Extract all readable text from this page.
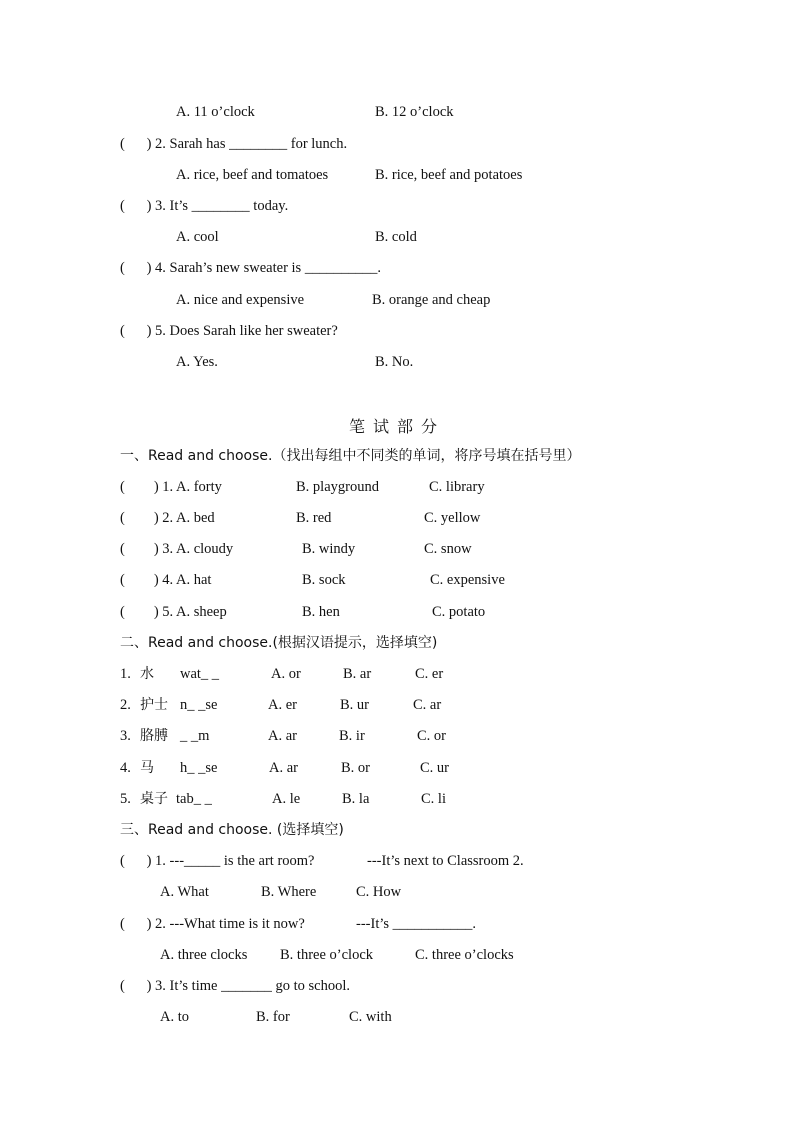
A. 11 o’clock	B. 12 o’clock
(      ) 2. Sarah has ________ for lunch.
A. rice, beef and tomatoes	B. rice, beef and potatoes
(      ) 3. It’s ________ today.
A. cool	B. cold
(      ) 4. Sarah’s new sweater is __________.
A. nice and expensive	B. orange and cheap
(      ) 5. Does Sarah like her sweater?
A. Yes.	B. No.
笔试部分
一、Read and choose.（找出每组中不同类的单词，将序号填在括号里）
(        ) 1. A. forty	B. playground	C. library
(        ) 2. A. bed	B. red	C. yellow
(        ) 3. A. cloudy	B. windy	C. snow
(        ) 4. A. hat	B. sock	C. expensive
(        ) 5. A. sheep	B. hen	C. potato
二、Read and choose.(根据汉语提示，选择填空)
1. 水 wat_ _	A. or	B. ar	C. er
2. 护士 n_ _se	A. er	B. ur	C. ar
3. 胳膊 _ _m	A. ar	B. ir	C. or
4. 马 h_ _se	A. ar	B. or	C. ur
5. 桌子 tab_ _	A. le	B. la	C. li
三、Read and choose. (选择填空)
(      ) 1. ---_____ is the art room?	---It’s next to Classroom 2.
A. What	B. Where	C. How
(      ) 2. ---What time is it now?	---It’s ___________.
A. three clocks B. three o’clock	C. three o’clocks
(      ) 3. It’s time _______ go to school.
A. to	B. for	C. with
